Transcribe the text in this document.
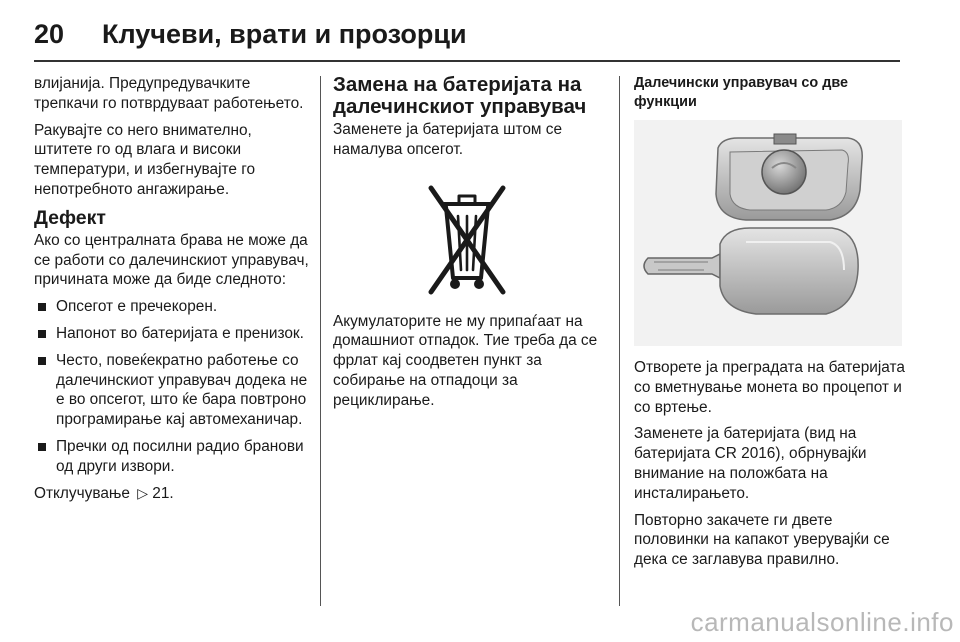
20	Клучеви, врати и прозорци

влијанија. Предупредувачките трепкачи го потврдуваат работењето.

Ракувајте со него внимателно, штитете го од влага и високи температури, и избегнувајте го непотребното ангажирање.

Дефект

Ако со централната брава не може да се работи со далечинскиот управувач, причината може да биде следното:

Опсегот е пречекорен.
Напонот во батеријата е пренизок.
Често, повеќекратно работење со далечинскиот управувач додека не е во опсегот, што ќе бара повтроно програмирање кај автомеханичар.
Пречки од посилни радио бранови од други извори.

Отклучување ▷ 21.

Замена на батеријата на далечинскиот управувач

Заменете ја батеријата штом се намалува опсегот.

Акумулаторите не му припаѓаат на домашниот отпадок. Тие треба да се фрлат кај соодветен пункт за собирање на отпадоци за рециклирање.

Далечински управувач со две функции

Отворете ја преградата на батеријата со вметнување монета во процепот и со вртење.

Заменете ја батеријата (вид на батеријата CR 2016), обрнувајќи внимание на положбата на инсталирањето.

Повторно закачете ги двете половинки на капакот уверувајќи се дека се заглавува правилно.

carmanualsonline.info
